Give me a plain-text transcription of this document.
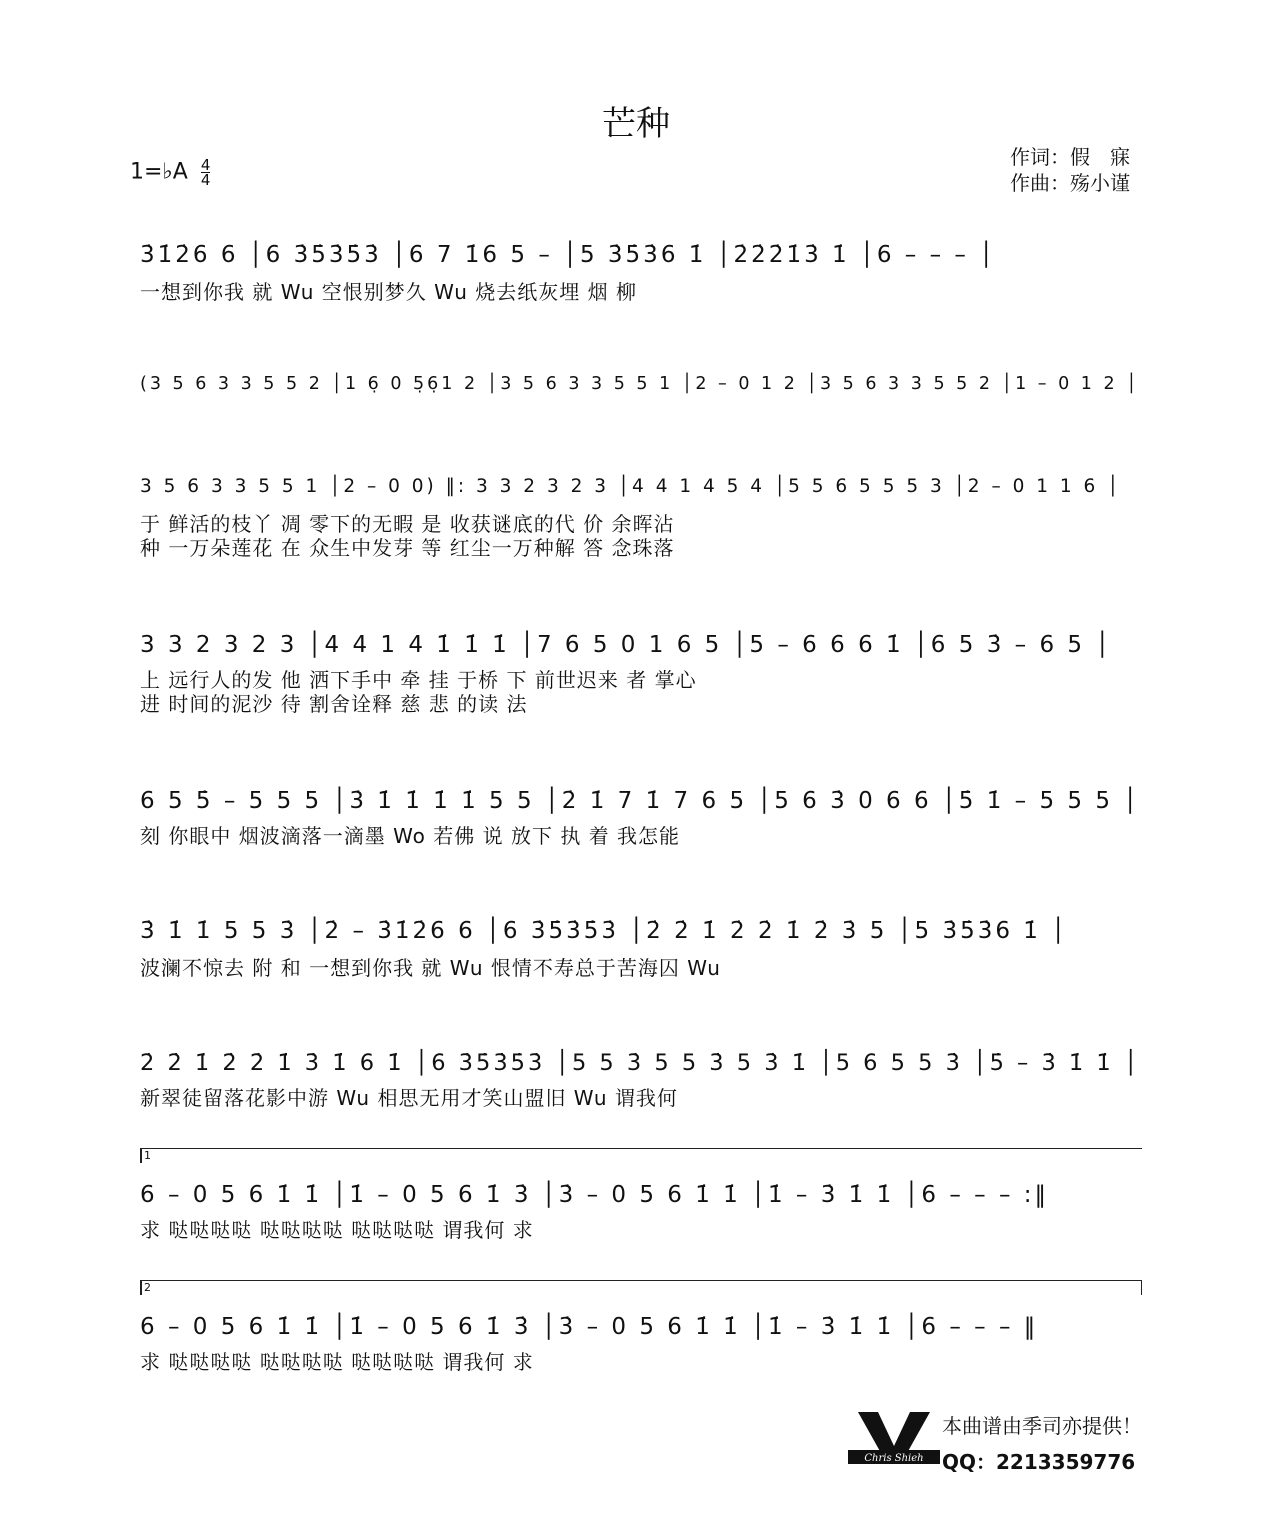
芒种
1=♭A $\frac{4}{4}$
作词：假　寐
作曲：殇小谨
3̇1̇2̇6 6 │6 3̇5̇3̇5̇3̇ │6 7 1̇6 5 – │5 3̇5̇3̇6 1̇ │2̇2̇2̇1̇3̇ 1̇ │6 – – – │
一想到你我 就 Wu 空恨别梦久 Wu 烧去纸灰埋 烟 柳
(3 5 6 3 3 5 5 2 │1 6̣ 0 5̣6̣1 2 │3 5 6 3 3 5 5 1 │2 – 0 1 2 │3 5 6 3 3 5 5 2 │1 – 0 1 2 │
3 5 6 3 3 5 5 1 │2 – 0 0) ‖: 3 3 2 3 2 3 │4 4 1 4 5 4 │5 5 6 5 5 5 3 │2 – 0 1 1 6 │
于 鲜活的枝丫 凋 零下的无暇 是 收获谜底的代 价 余晖沾
种 一万朵莲花 在 众生中发芽 等 红尘一万种解 答 念珠落
3 3 2 3 2 3 │4 4 1 4 1̇ 1̇ 1̇ │7 6 5 0 1 6 5 │5 – 6 6 6 1̇ │6 5 3̇ – 6 5 │
上 远行人的发 他 洒下手中 牵 挂 于桥 下 前世迟来 者 掌心
进 时间的泥沙 待 割舍诠释 慈 悲 的读 法
6 5 5̇ – 5 5 5 │3̇ 1̇ 1̇ 1̇ 1̇ 5 5 │2̇ 1̇ 7 1̇ 7 6 5 │5 6 3̇ 0 6 6 │5̇ 1̇ – 5 5 5 │
刻 你眼中 烟波滴落一滴墨 Wo 若佛 说 放下 执 着 我怎能
3̇ 1̇ 1̇ 5 5 3̇ │2̇ – 3̇1̇2̇6 6 │6 3̇5̇3̇5̇3̇ │2̇ 2̇ 1̇ 2̇ 2̇ 1̇ 2̇ 3̇ 5 │5 3̇5̇3̇6 1̇ │
波澜不惊去 附 和 一想到你我 就 Wu 恨情不寿总于苦海囚 Wu
2̇ 2̇ 1̇ 2̇ 2̇ 1̇ 3̇ 1̇ 6 1̇ │6 3̇5̇3̇5̇3̇ │5 5 3̇ 5 5 3̇ 5 3̇ 1̇ │5 6 5 5 3̇ │5̇ – 3̇ 1̇ 1̇ │
新翠徒留落花影中游 Wu 相思无用才笑山盟旧 Wu 谓我何
1
6 – 0 5 6 1̇ 1̇ │1̇ – 0 5 6 1̇ 3̇ │3̇ – 0 5 6 1̇ 1̇ │1̇ – 3̇ 1̇ 1̇ │6 – – – :‖
求 哒哒哒哒 哒哒哒哒 哒哒哒哒 谓我何 求
2
6 – 0 5 6 1̇ 1̇ │1̇ – 0 5 6 1̇ 3̇ │3̇ – 0 5 6 1̇ 1̇ │1̇ – 3̇ 1̇ 1̇ │6 – – – ‖
求 哒哒哒哒 哒哒哒哒 哒哒哒哒 谓我何 求
Chris Shieh
本曲谱由季司亦提供！
QQ：2213359776
